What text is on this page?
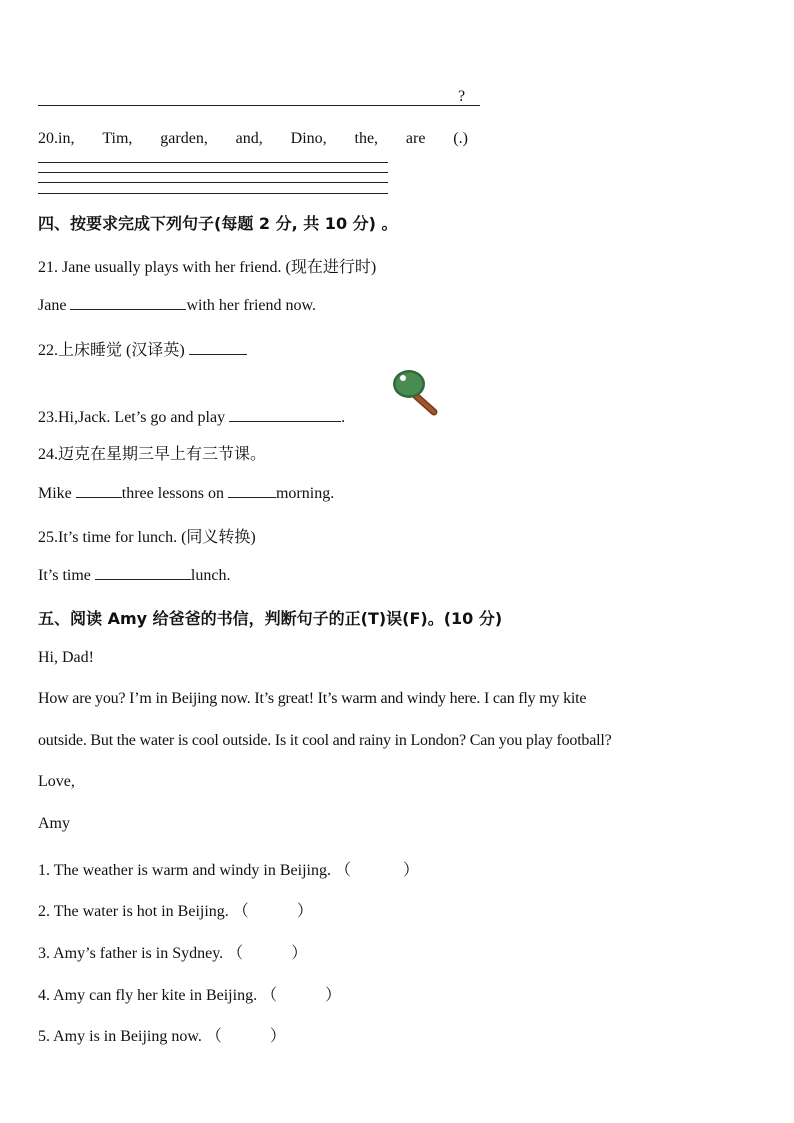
?
20.in, Tim, garden, and, Dino, the, are (.)
四、按要求完成下列句子(每题 2 分, 共 10 分) 。
21. Jane usually plays with her friend. (现在进行时)
Jane	with her friend now.
22.上床睡觉 (汉译英)
23.Hi,Jack. Let’s go and play	.
24.迈克在星期三早上有三节课。
Mike	three lessons on	morning.
25.It’s time for lunch. (同义转换)
It’s time	lunch.
五、阅读 Amy 给爸爸的书信，判断句子的正(T)误(F)。(10 分)
Hi, Dad!
How are you? I’m in Beijing now. It’s great! It’s warm and windy here. I can fly my kite
outside. But the water is cool outside. Is it cool and rainy in London? Can you play football?
Love,
Amy
1. The weather is warm and windy in Beijing. （	）
2. The water is hot in Beijing. （	）
3. Amy’s father is in Sydney. （	）
4. Amy can fly her kite in Beijing. （	）
5. Amy is in Beijing now. （	）
